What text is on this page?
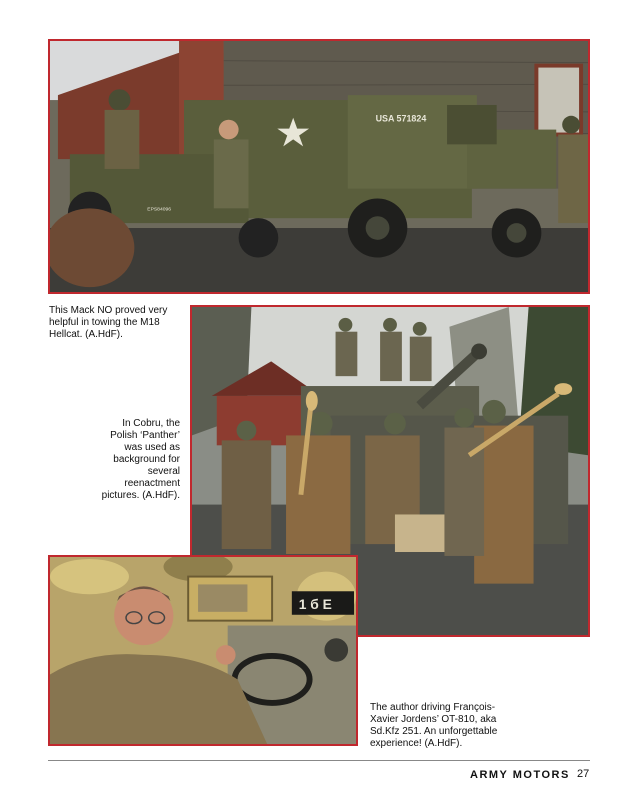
USA 571824
EPS84096
1 б Е
This Mack NO proved very helpful in towing the M18 Hellcat. (A.HdF).
In Cobru, the Polish ‘Panther’ was used as background for several reenactment pictures. (A.HdF).
The author driving François-Xavier Jordens’ OT-810, aka Sd.Kfz 251. An unforgettable experience! (A.HdF).
ARMY MOTORS 27
